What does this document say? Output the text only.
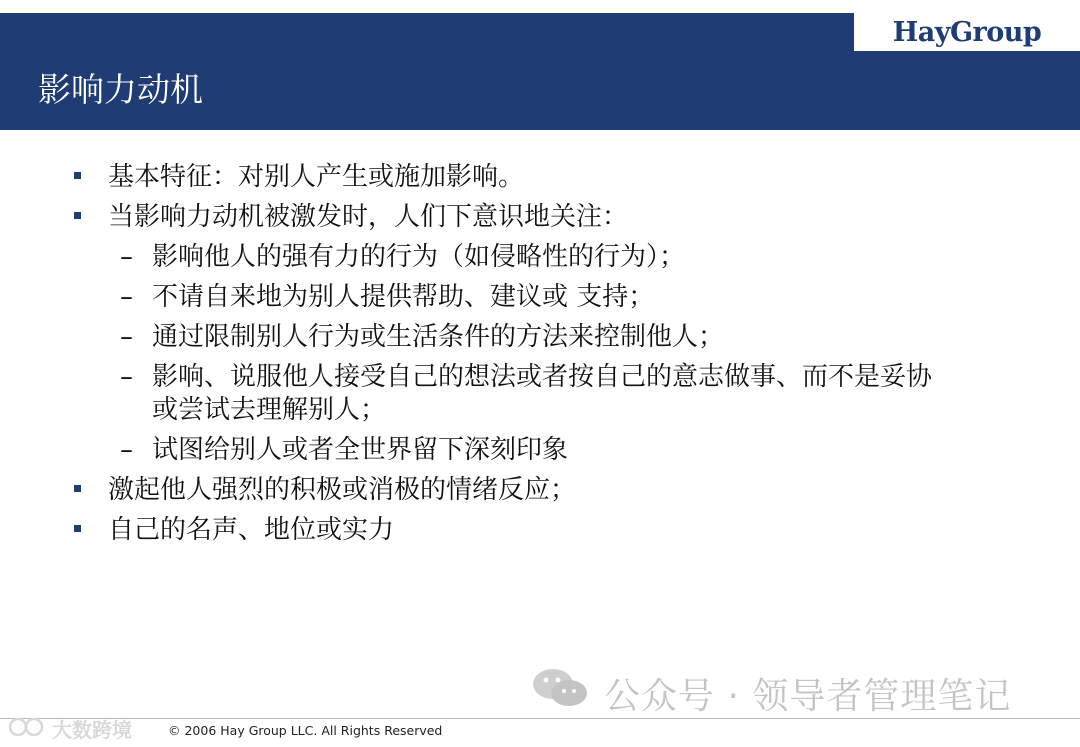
HayGroup
影响力动机
基本特征：对别人产生或施加影响。
当影响力动机被激发时，人们下意识地关注：
– 影响他人的强有力的行为（如侵略性的行为）；
– 不请自来地为别人提供帮助、建议或 支持；
– 通过限制别人行为或生活条件的方法来控制他人；
– 影响、说服他人接受自己的想法或者按自己的意志做事、而不是妥协
或尝试去理解别人；
– 试图给别人或者全世界留下深刻印象
激起他人强烈的积极或消极的情绪反应；
自己的名声、地位或实力
公众号 · 领导者管理笔记
大数跨境	© 2006 Hay Group LLC. All Rights Reserved
